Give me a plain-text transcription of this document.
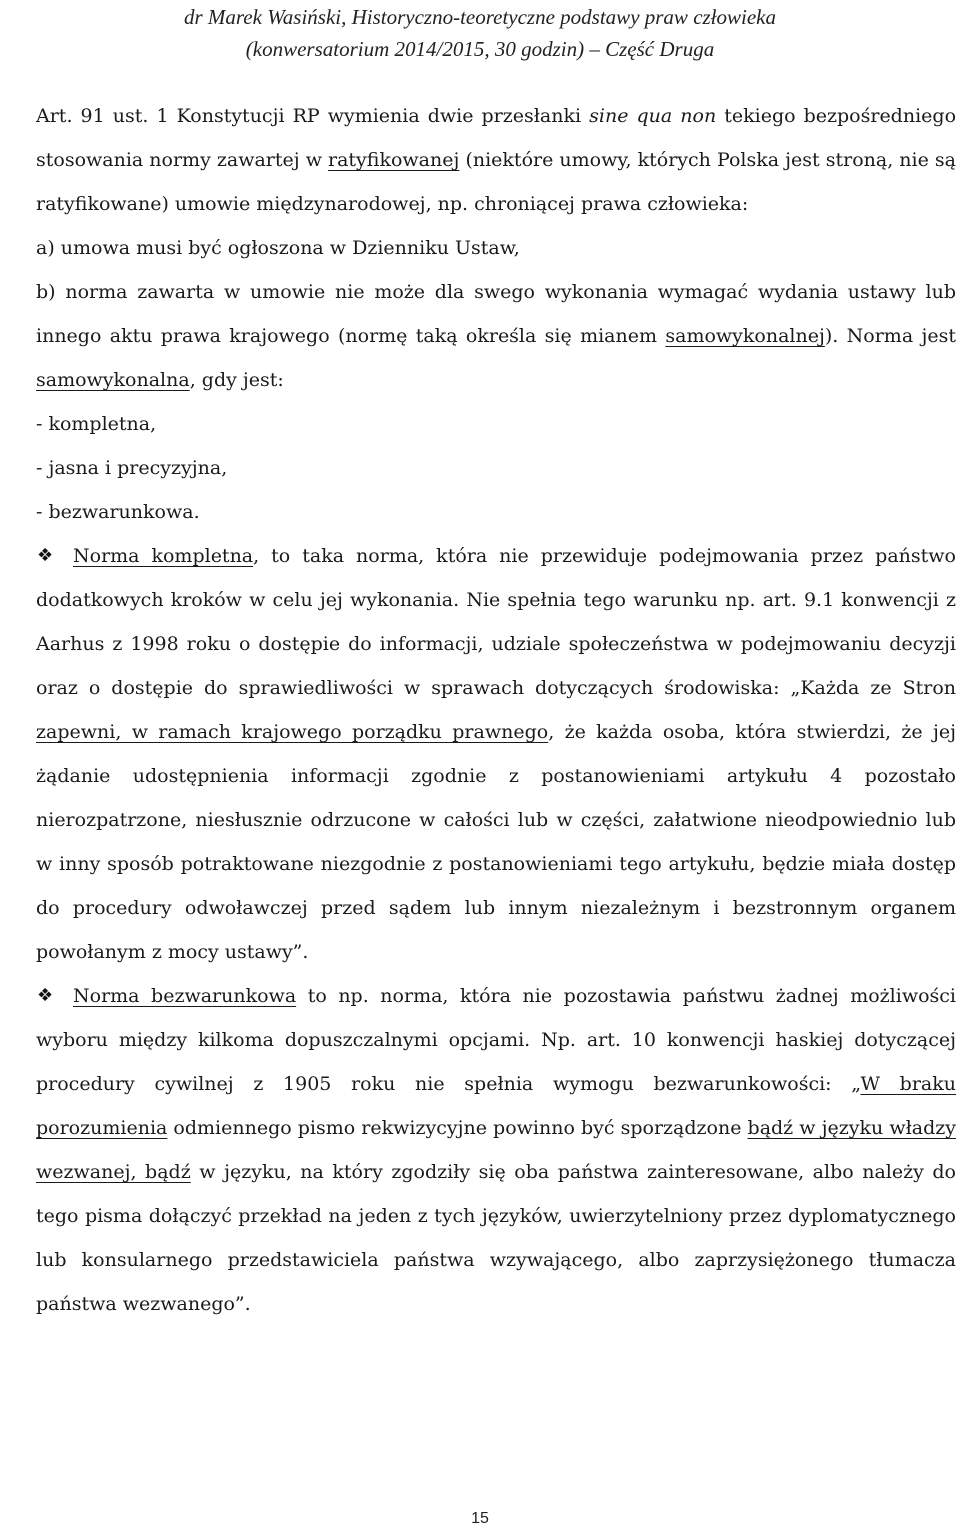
dr Marek Wasiński, Historyczno-teoretyczne podstawy praw człowieka
(konwersatorium 2014/2015, 30 godzin) – Część Druga
Art. 91 ust. 1 Konstytucji RP wymienia dwie przesłanki sine qua non tekiego bezpośredniego stosowania normy zawartej w ratyfikowanej (niektóre umowy, których Polska jest stroną, nie są ratyfikowane) umowie międzynarodowej, np. chroniącej prawa człowieka:
a) umowa musi być ogłoszona w Dzienniku Ustaw,
b) norma zawarta w umowie nie może dla swego wykonania wymagać wydania ustawy lub innego aktu prawa krajowego (normę taką określa się mianem samowykonalnej). Norma jest samowykonalna, gdy jest:
- kompletna,
- jasna i precyzyjna,
- bezwarunkowa.
❖ Norma kompletna, to taka norma, która nie przewiduje podejmowania przez państwo dodatkowych kroków w celu jej wykonania. Nie spełnia tego warunku np. art. 9.1 konwencji z Aarhus z 1998 roku o dostępie do informacji, udziale społeczeństwa w podejmowaniu decyzji oraz o dostępie do sprawiedliwości w sprawach dotyczących środowiska: „Każda ze Stron zapewni, w ramach krajowego porządku prawnego, że każda osoba, która stwierdzi, że jej żądanie udostępnienia informacji zgodnie z postanowieniami artykułu 4 pozostało nierozpatrzone, niesłusznie odrzucone w całości lub w części, załatwione nieodpowiednio lub w inny sposób potraktowane niezgodnie z postanowieniami tego artykułu, będzie miała dostęp do procedury odwoławczej przed sądem lub innym niezależnym i bezstronnym organem powołanym z mocy ustawy”.
❖ Norma bezwarunkowa to np. norma, która nie pozostawia państwu żadnej możliwości wyboru między kilkoma dopuszczalnymi opcjami. Np. art. 10 konwencji haskiej dotyczącej procedury cywilnej z 1905 roku nie spełnia wymogu bezwarunkowości: „W braku porozumienia odmiennego pismo rekwizycyjne powinno być sporządzone bądź w języku władzy wezwanej, bądź w języku, na który zgodziły się oba państwa zainteresowane, albo należy do tego pisma dołączyć przekład na jeden z tych języków, uwierzytelniony przez dyplomatycznego lub konsularnego przedstawiciela państwa wzywającego, albo zaprzysiężonego tłumacza państwa wezwanego”.
15
